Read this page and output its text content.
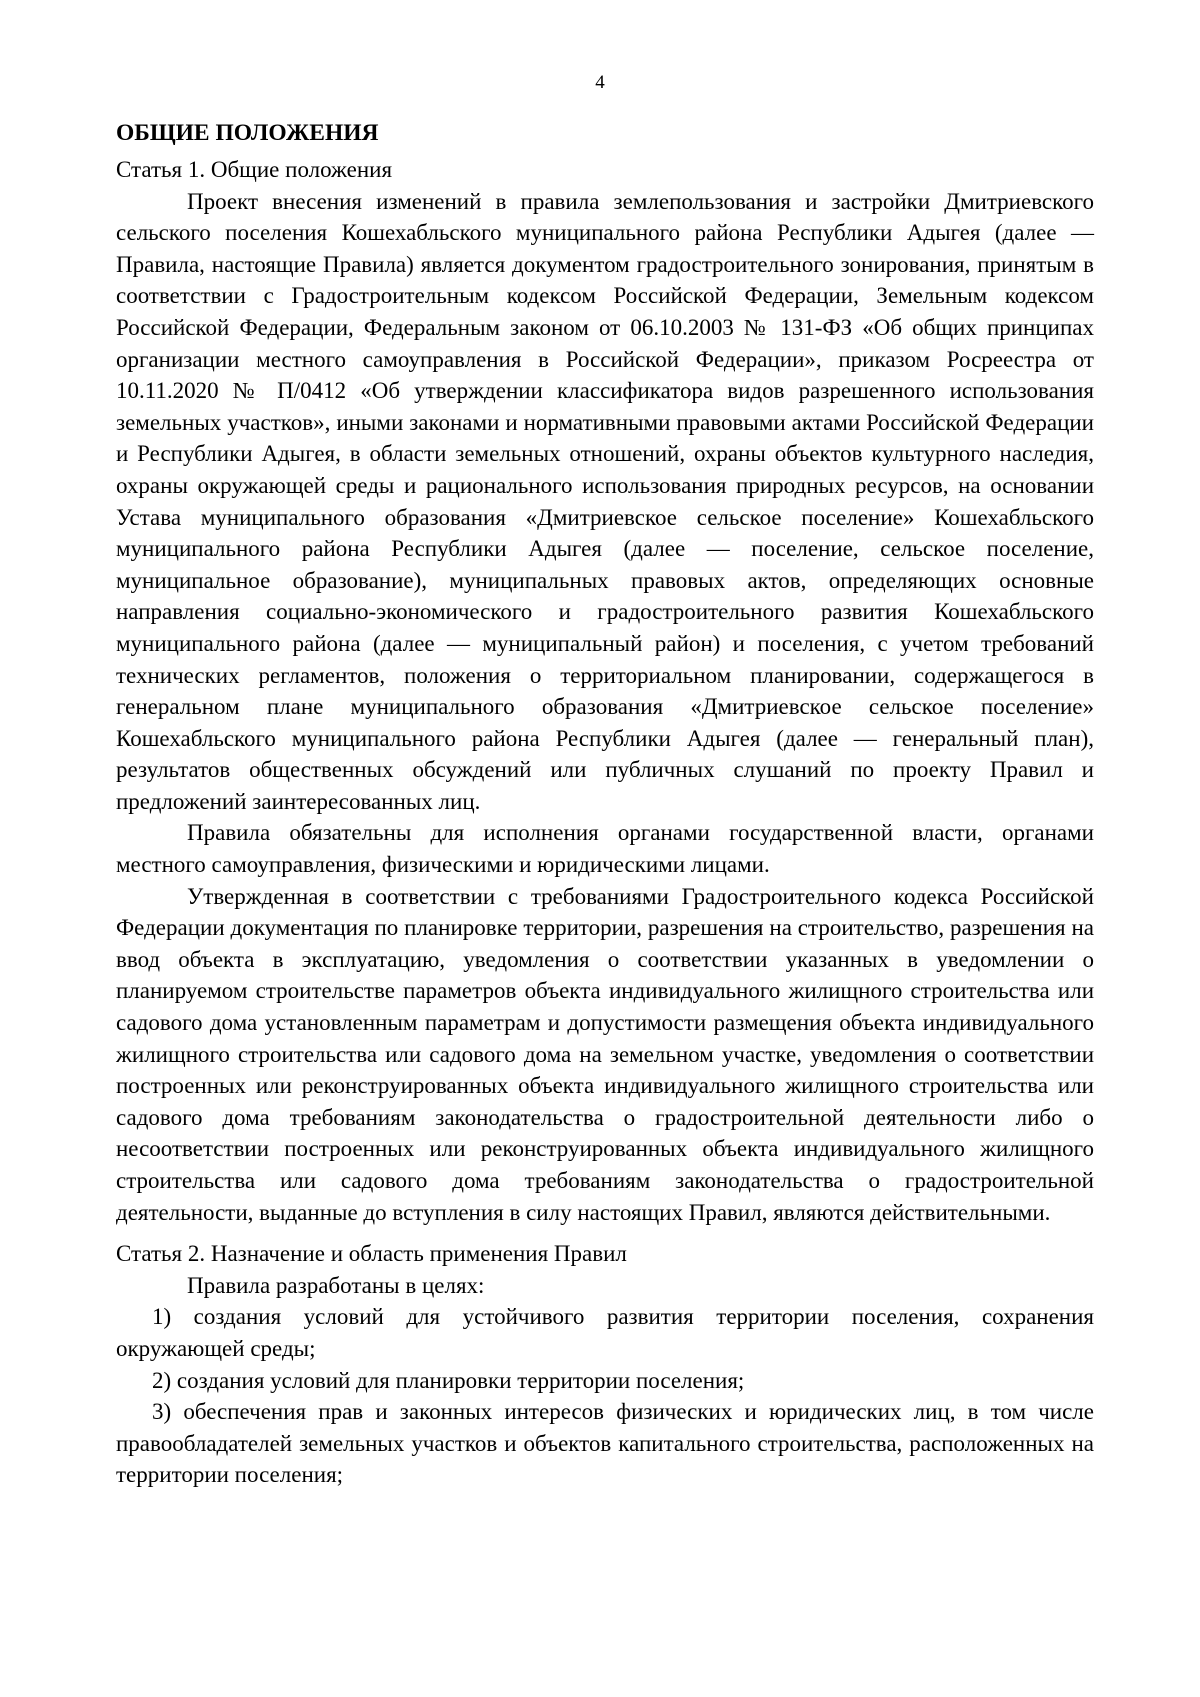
4
ОБЩИЕ ПОЛОЖЕНИЯ

Статья 1. Общие положения

Проект внесения изменений в правила землепользования и застройки Дмитриевского сельского поселения Кошехабльского муниципального района Республики Адыгея (далее — Правила, настоящие Правила) является документом градостроительного зонирования, принятым в соответствии с Градостроительным кодексом Российской Федерации, Земельным кодексом Российской Федерации, Федеральным законом от 06.10.2003 № 131-ФЗ «Об общих принципах организации местного самоуправления в Российской Федерации», приказом Росреестра от 10.11.2020 № П/0412 «Об утверждении классификатора видов разрешенного использования земельных участков», иными законами и нормативными правовыми актами Российской Федерации и Республики Адыгея, в области земельных отношений, охраны объектов культурного наследия, охраны окружающей среды и рационального использования природных ресурсов, на основании Устава муниципального образования «Дмитриевское сельское поселение» Кошехабльского муниципального района Республики Адыгея (далее — поселение, сельское поселение, муниципальное образование), муниципальных правовых актов, определяющих основные направления социально-экономического и градостроительного развития Кошехабльского муниципального района (далее — муниципальный район) и поселения, с учетом требований технических регламентов, положения о территориальном планировании, содержащегося в генеральном плане муниципального образования «Дмитриевское сельское поселение» Кошехабльского муниципального района Республики Адыгея (далее — генеральный план), результатов общественных обсуждений или публичных слушаний по проекту Правил и предложений заинтересованных лиц.

Правила обязательны для исполнения органами государственной власти, органами местного самоуправления, физическими и юридическими лицами.

Утвержденная в соответствии с требованиями Градостроительного кодекса Российской Федерации документация по планировке территории, разрешения на строительство, разрешения на ввод объекта в эксплуатацию, уведомления о соответствии указанных в уведомлении о планируемом строительстве параметров объекта индивидуального жилищного строительства или садового дома установленным параметрам и допустимости размещения объекта индивидуального жилищного строительства или садового дома на земельном участке, уведомления о соответствии построенных или реконструированных объекта индивидуального жилищного строительства или садового дома требованиям законодательства о градостроительной деятельности либо о несоответствии построенных или реконструированных объекта индивидуального жилищного строительства или садового дома требованиям законодательства о градостроительной деятельности, выданные до вступления в силу настоящих Правил, являются действительными.

Статья 2. Назначение и область применения Правил

Правила разработаны в целях:

1) создания условий для устойчивого развития территории поселения, сохранения окружающей среды;

2) создания условий для планировки территории поселения;

3) обеспечения прав и законных интересов физических и юридических лиц, в том числе правообладателей земельных участков и объектов капитального строительства, расположенных на территории поселения;
